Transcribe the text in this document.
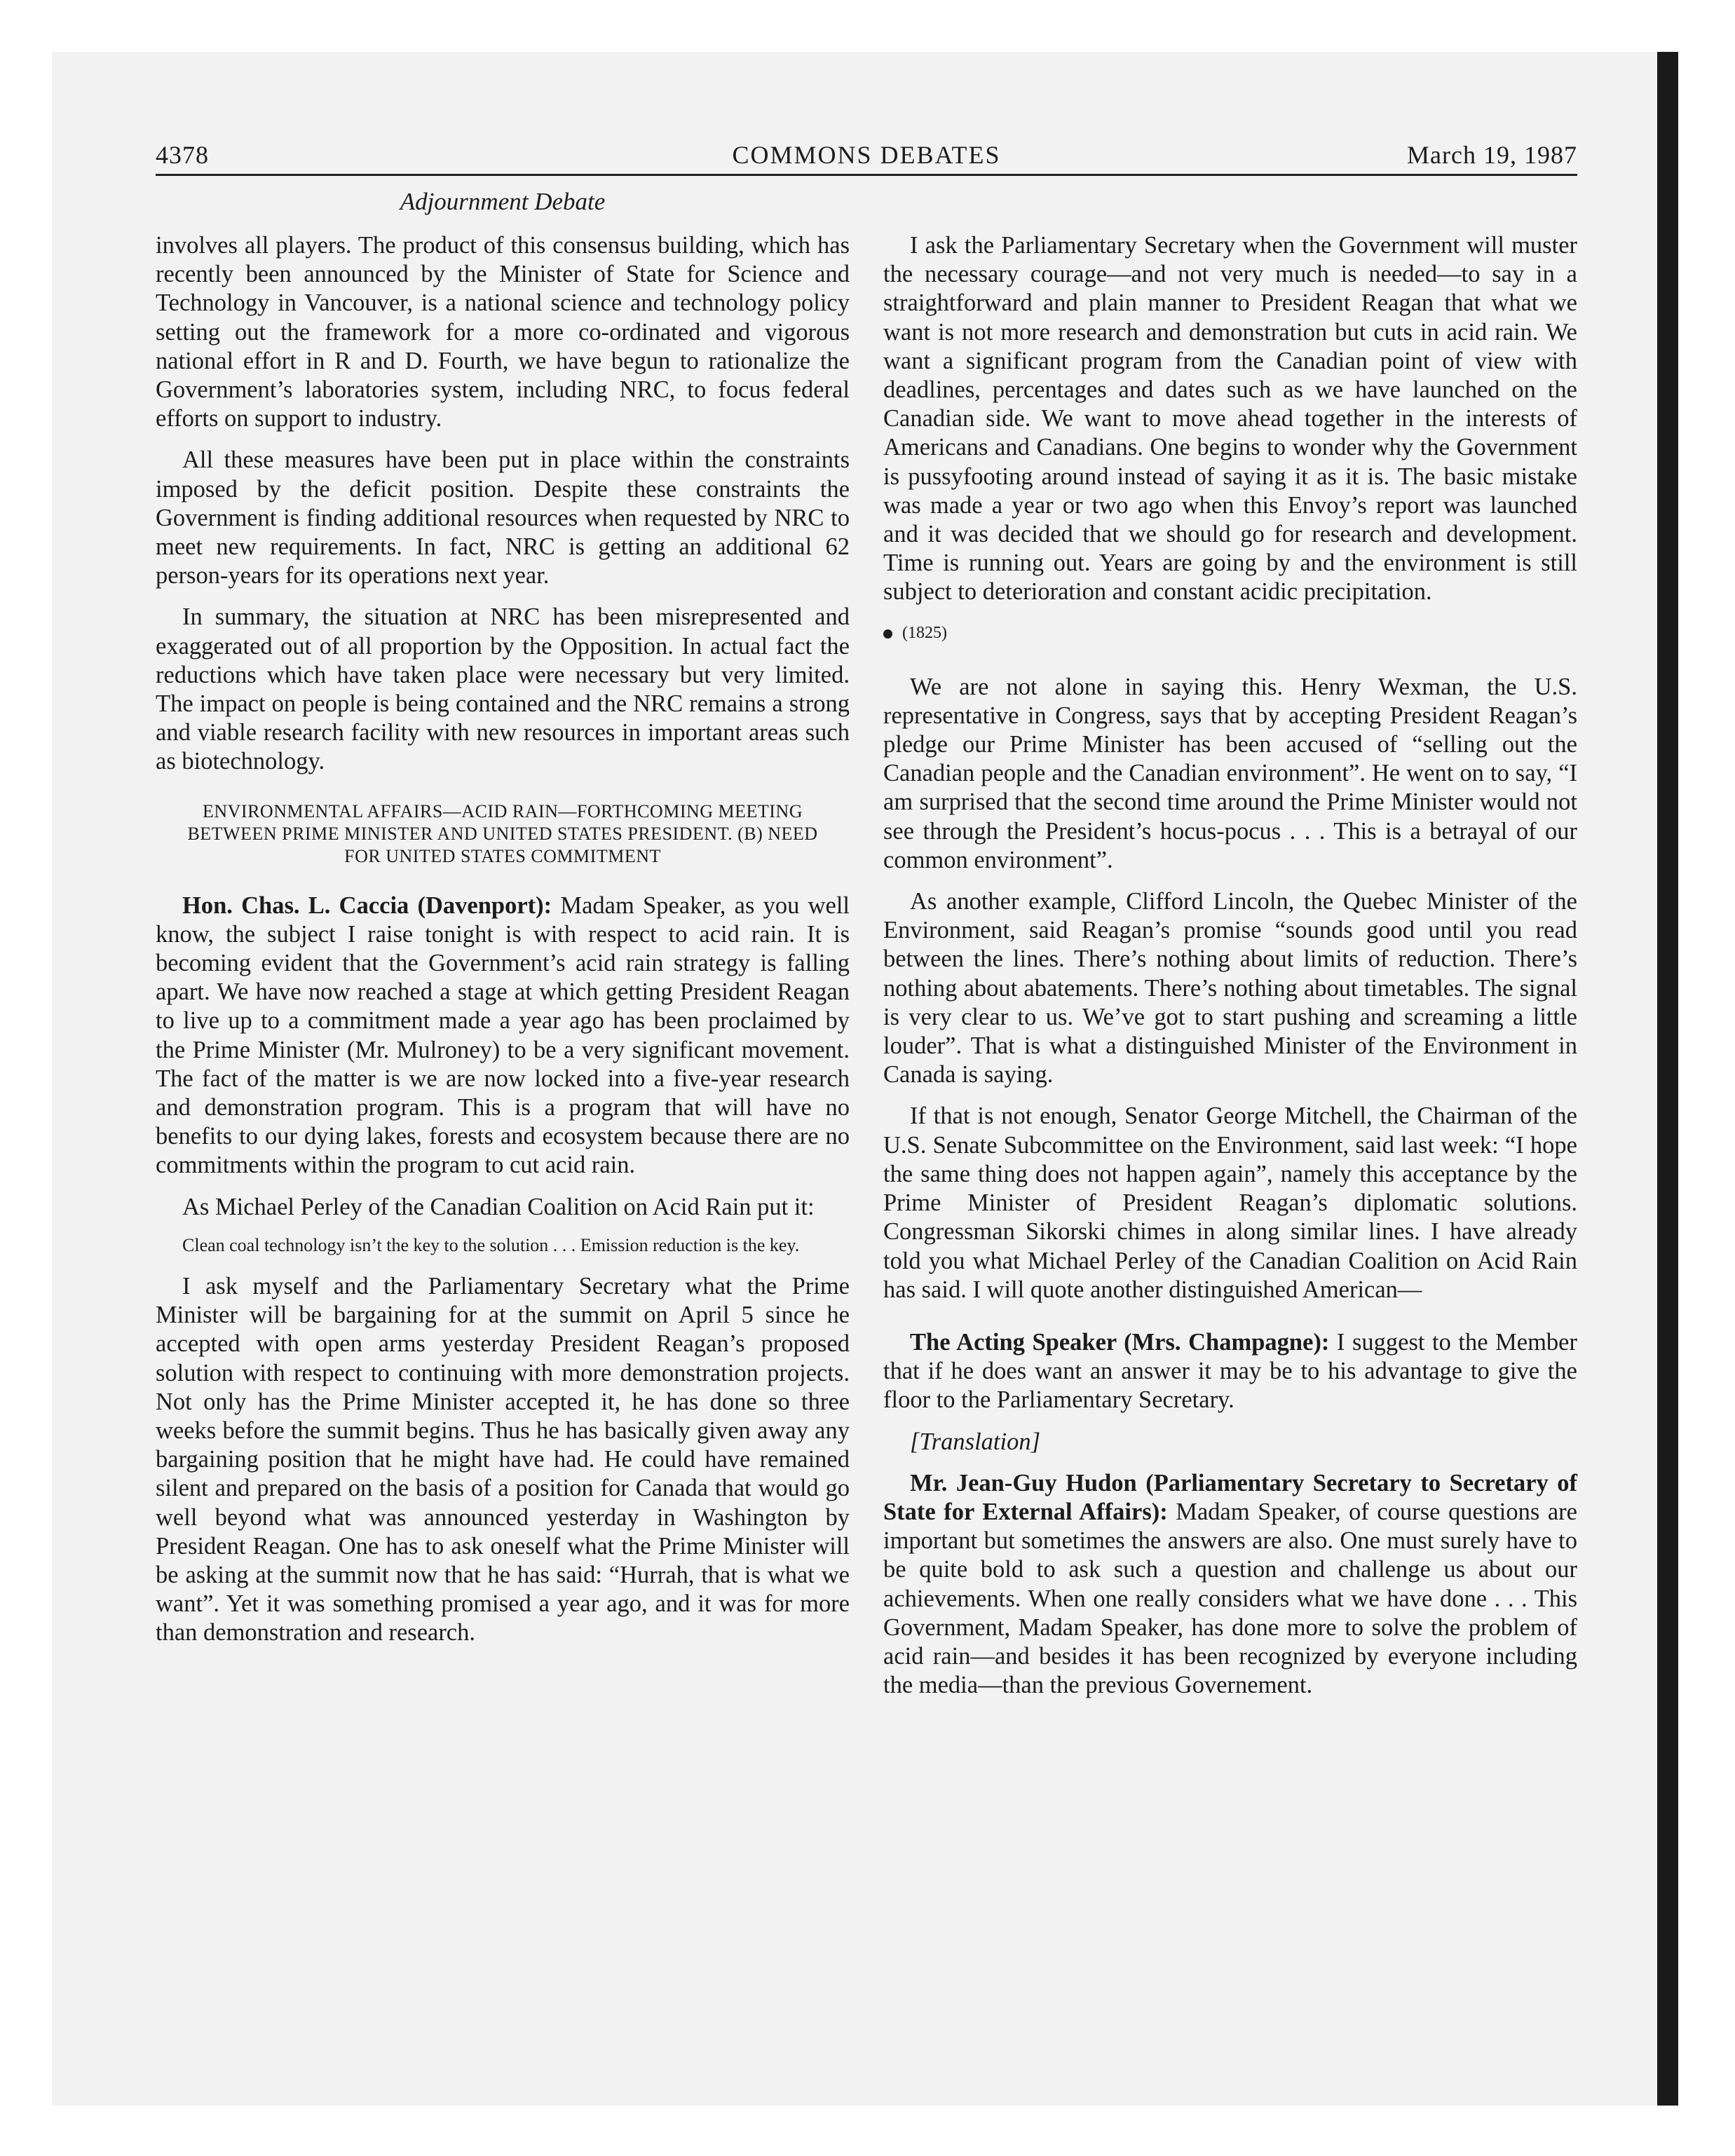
4378	COMMONS DEBATES	March 19, 1987
Adjournment Debate

involves all players. The product of this consensus building, which has recently been announced by the Minister of State for Science and Technology in Vancouver, is a national science and technology policy setting out the framework for a more co-ordinated and vigorous national effort in R and D. Fourth, we have begun to rationalize the Government’s laboratories system, including NRC, to focus federal efforts on support to industry.

All these measures have been put in place within the constraints imposed by the deficit position. Despite these constraints the Government is finding additional resources when requested by NRC to meet new requirements. In fact, NRC is getting an additional 62 person-years for its operations next year.

In summary, the situation at NRC has been misrepresented and exaggerated out of all proportion by the Opposition. In actual fact the reductions which have taken place were necessary but very limited. The impact on people is being contained and the NRC remains a strong and viable research facility with new resources in important areas such as biotechnology.

ENVIRONMENTAL AFFAIRS—ACID RAIN—FORTHCOMING MEETING BETWEEN PRIME MINISTER AND UNITED STATES PRESIDENT. (B) NEED FOR UNITED STATES COMMITMENT

Hon. Chas. L. Caccia (Davenport): Madam Speaker, as you well know, the subject I raise tonight is with respect to acid rain. It is becoming evident that the Government’s acid rain strategy is falling apart. We have now reached a stage at which getting President Reagan to live up to a commitment made a year ago has been proclaimed by the Prime Minister (Mr. Mulroney) to be a very significant movement. The fact of the matter is we are now locked into a five-year research and demonstration program. This is a program that will have no benefits to our dying lakes, forests and ecosystem because there are no commitments within the program to cut acid rain.

As Michael Perley of the Canadian Coalition on Acid Rain put it:

Clean coal technology isn’t the key to the solution . . . Emission reduction is the key.

I ask myself and the Parliamentary Secretary what the Prime Minister will be bargaining for at the summit on April 5 since he accepted with open arms yesterday President Reagan’s proposed solution with respect to continuing with more demonstration projects. Not only has the Prime Minister accepted it, he has done so three weeks before the summit begins. Thus he has basically given away any bargaining position that he might have had. He could have remained silent and prepared on the basis of a position for Canada that would go well beyond what was announced yesterday in Washington by President Reagan. One has to ask oneself what the Prime Minister will be asking at the summit now that he has said: “Hurrah, that is what we want”. Yet it was something promised a year ago, and it was for more than demonstration and research.

I ask the Parliamentary Secretary when the Government will muster the necessary courage—and not very much is needed—to say in a straightforward and plain manner to President Reagan that what we want is not more research and demonstration but cuts in acid rain. We want a significant program from the Canadian point of view with deadlines, percentages and dates such as we have launched on the Canadian side. We want to move ahead together in the interests of Americans and Canadians. One begins to wonder why the Government is pussyfooting around instead of saying it as it is. The basic mistake was made a year or two ago when this Envoy’s report was launched and it was decided that we should go for research and development. Time is running out. Years are going by and the environment is still subject to deterioration and constant acidic precipitation.

(1825)

We are not alone in saying this. Henry Wexman, the U.S. representative in Congress, says that by accepting President Reagan’s pledge our Prime Minister has been accused of “selling out the Canadian people and the Canadian environment”. He went on to say, “I am surprised that the second time around the Prime Minister would not see through the President’s hocus-pocus . . . This is a betrayal of our common environment”.

As another example, Clifford Lincoln, the Quebec Minister of the Environment, said Reagan’s promise “sounds good until you read between the lines. There’s nothing about limits of reduction. There’s nothing about abatements. There’s nothing about timetables. The signal is very clear to us. We’ve got to start pushing and screaming a little louder”. That is what a distinguished Minister of the Environment in Canada is saying.

If that is not enough, Senator George Mitchell, the Chairman of the U.S. Senate Subcommittee on the Environment, said last week: “I hope the same thing does not happen again”, namely this acceptance by the Prime Minister of President Reagan’s diplomatic solutions. Congressman Sikorski chimes in along similar lines. I have already told you what Michael Perley of the Canadian Coalition on Acid Rain has said. I will quote another distinguished American—

The Acting Speaker (Mrs. Champagne): I suggest to the Member that if he does want an answer it may be to his advantage to give the floor to the Parliamentary Secretary.

[Translation]

Mr. Jean-Guy Hudon (Parliamentary Secretary to Secretary of State for External Affairs): Madam Speaker, of course questions are important but sometimes the answers are also. One must surely have to be quite bold to ask such a question and challenge us about our achievements. When one really considers what we have done . . . This Government, Madam Speaker, has done more to solve the problem of acid rain—and besides it has been recognized by everyone including the media—than the previous Governement.
